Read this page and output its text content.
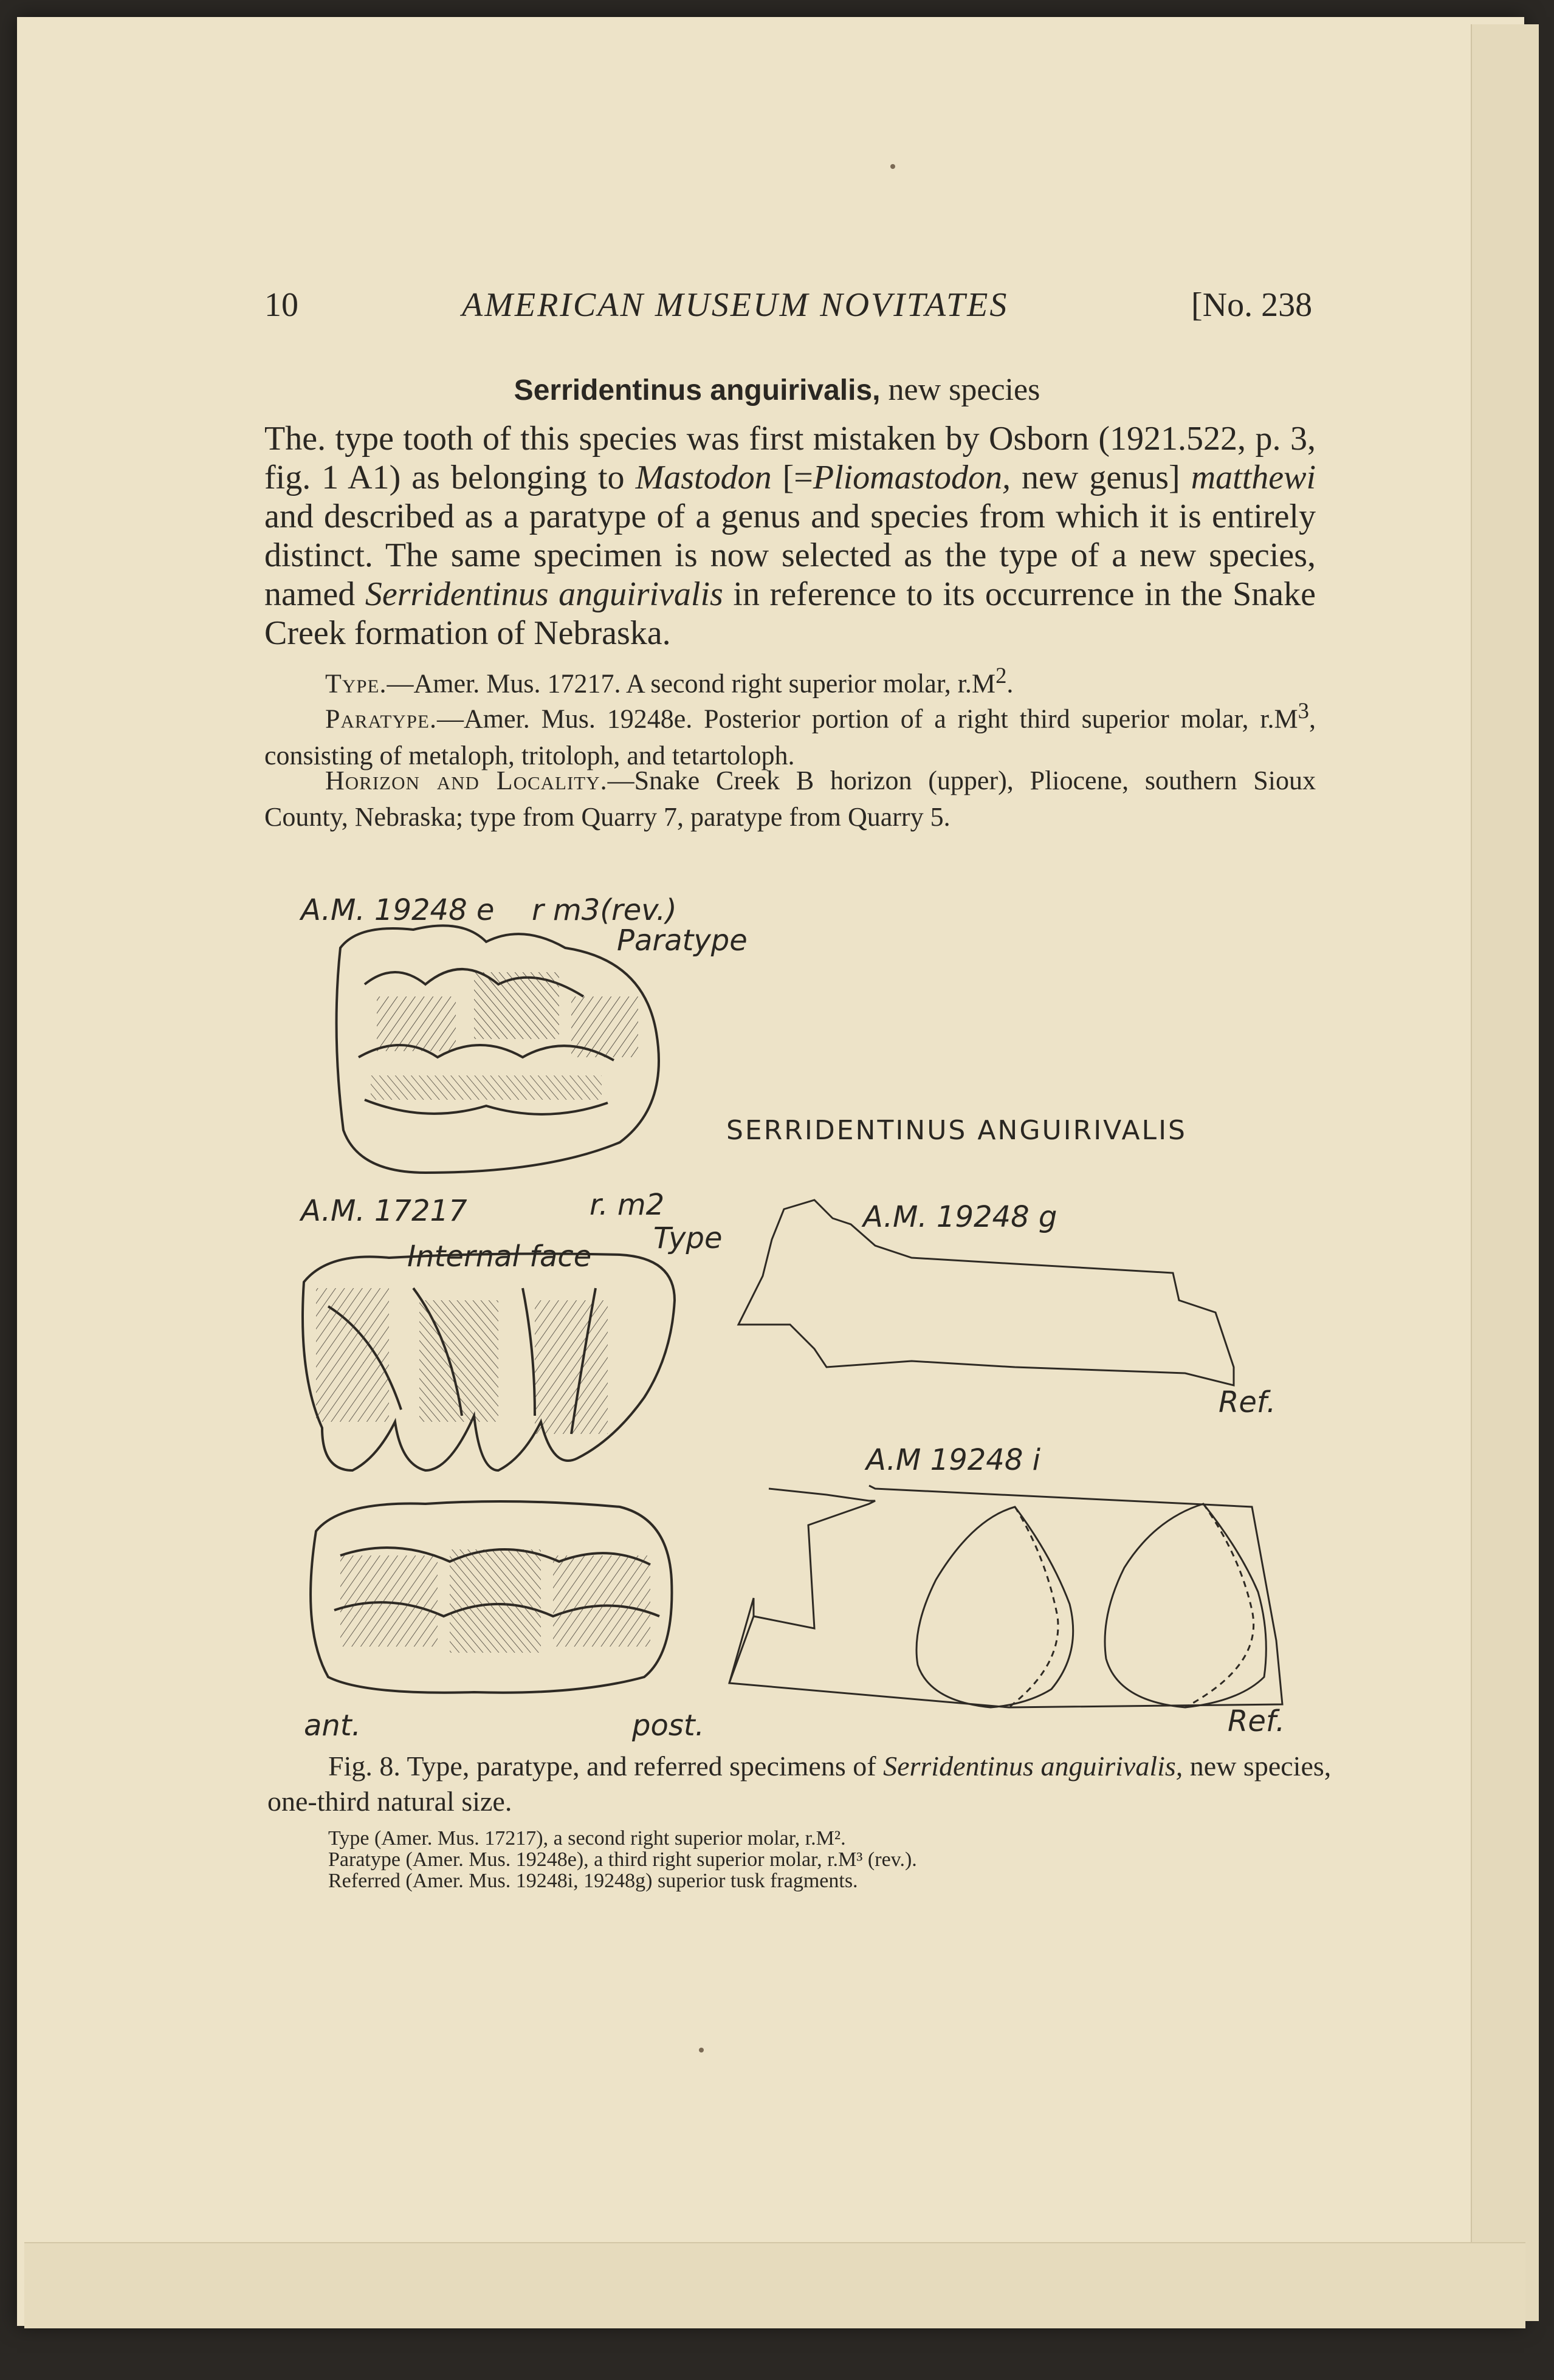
10	AMERICAN MUSEUM NOVITATES	[No. 238
Serridentinus anguirivalis, new species
The. type tooth of this species was first mistaken by Osborn (1921.522, p. 3, fig. 1 A1) as belonging to Mastodon [=Pliomastodon, new genus] matthewi and described as a paratype of a genus and species from which it is entirely distinct. The same specimen is now selected as the type of a new species, named Serridentinus anguirivalis in reference to its occurrence in the Snake Creek formation of Nebraska.
Type.—Amer. Mus. 17217. A second right superior molar, $r.M^2$.
Paratype.—Amer. Mus. 19248e. Posterior portion of a right third superior molar, $r.M^3$, consisting of metaloph, tritoloph, and tetartoloph.
Horizon and Locality.—Snake Creek B horizon (upper), Pliocene, southern Sioux County, Nebraska; type from Quarry 7, paratype from Quarry 5.
A.M. 19248 e r m3(rev.)
Paratype
SERRIDENTINUS ANGUIRIVALIS
A.M. 17217	r. m2
Type
Internal face
A.M. 19248 g
Ref.
A.M 19248 i
Ref.
ant.	post.
Fig. 8. Type, paratype, and referred specimens of Serridentinus anguirivalis, new species, one-third natural size.
Type (Amer. Mus. 17217), a second right superior molar, r.M².
Paratype (Amer. Mus. 19248e), a third right superior molar, r.M³ (rev.).
Referred (Amer. Mus. 19248i, 19248g) superior tusk fragments.
